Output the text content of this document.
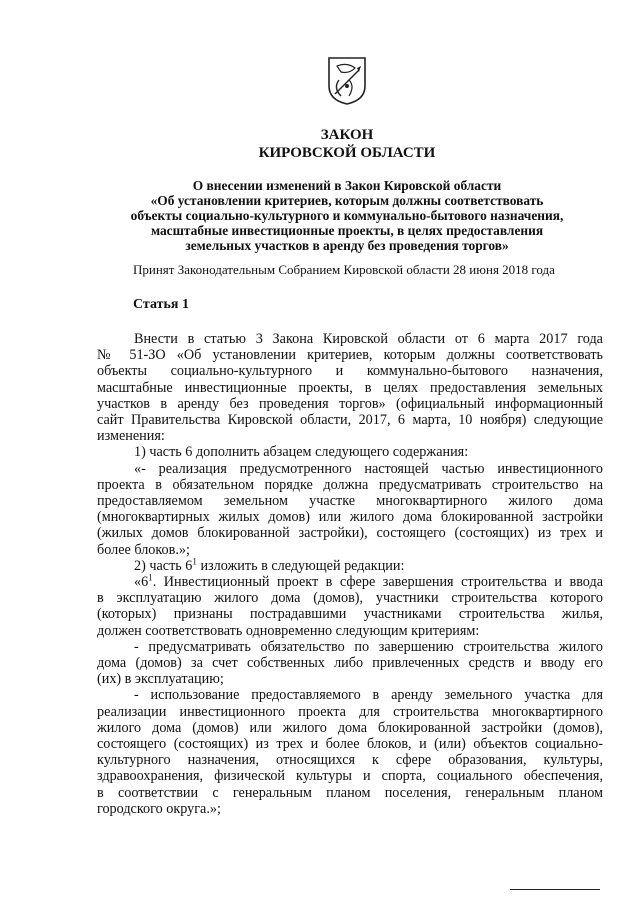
ЗАКОН
КИРОВСКОЙ ОБЛАСТИ
О внесении изменений в Закон Кировской области
«Об установлении критериев, которым должны соответствовать
объекты социально-культурного и коммунально-бытового назначения,
масштабные инвестиционные проекты, в целях предоставления
земельных участков в аренду без проведения торгов»
Принят Законодательным Собранием Кировской области 28 июня 2018 года
Статья 1
Внести в статью 3 Закона Кировской области от 6 марта 2017 года
№ 51-ЗО «Об установлении критериев, которым должны соответствовать
объекты социально-культурного и коммунально-бытового назначения,
масштабные инвестиционные проекты, в целях предоставления земельных
участков в аренду без проведения торгов» (официальный информационный
сайт Правительства Кировской области, 2017, 6 марта, 10 ноября) следующие
изменения:
1) часть 6 дополнить абзацем следующего содержания:
«- реализация предусмотренного настоящей частью инвестиционного
проекта в обязательном порядке должна предусматривать строительство на
предоставляемом земельном участке многоквартирного жилого дома
(многоквартирных жилых домов) или жилого дома блокированной застройки
(жилых домов блокированной застройки), состоящего (состоящих) из трех и
более блоков.»;
2) часть $6^1$ изложить в следующей редакции:
«$6^1$. Инвестиционный проект в сфере завершения строительства и ввода
в эксплуатацию жилого дома (домов), участники строительства которого
(которых) признаны пострадавшими участниками строительства жилья,
должен соответствовать одновременно следующим критериям:
- предусматривать обязательство по завершению строительства жилого
дома (домов) за счет собственных либо привлеченных средств и вводу его
(их) в эксплуатацию;
- использование предоставляемого в аренду земельного участка для
реализации инвестиционного проекта для строительства многоквартирного
жилого дома (домов) или жилого дома блокированной застройки (домов),
состоящего (состоящих) из трех и более блоков, и (или) объектов социально-
культурного назначения, относящихся к сфере образования, культуры,
здравоохранения, физической культуры и спорта, социального обеспечения,
в соответствии с генеральным планом поселения, генеральным планом
городского округа.»;
